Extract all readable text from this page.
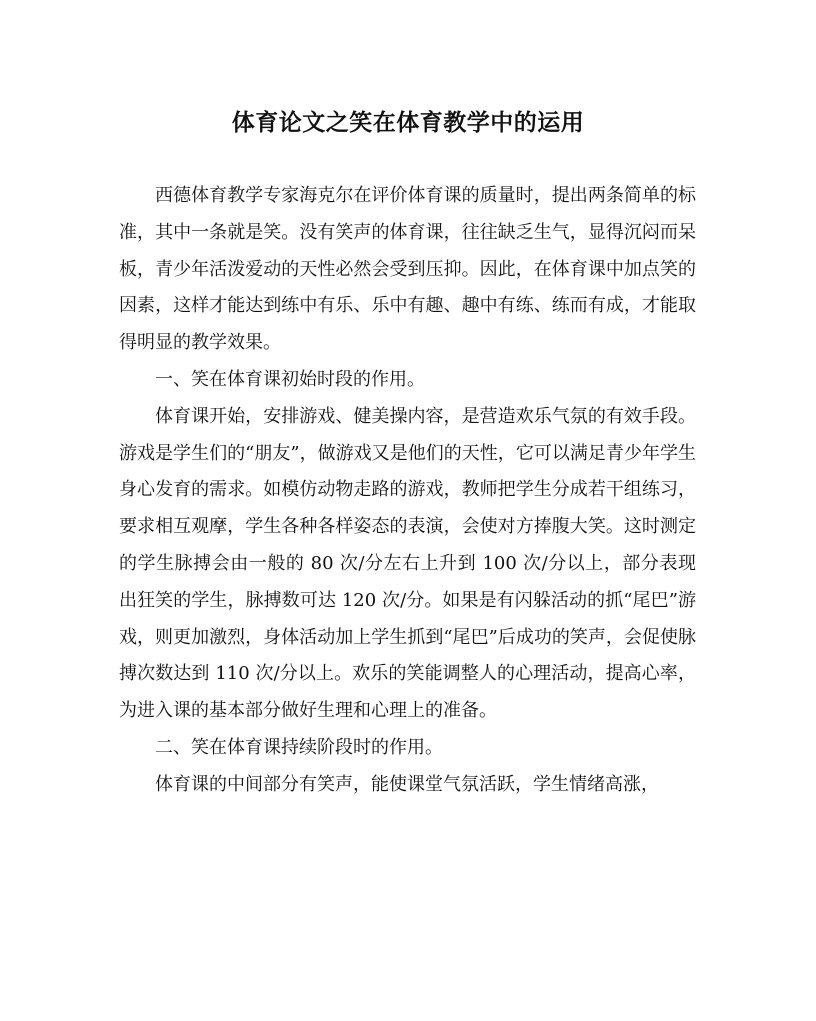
体育论文之笑在体育教学中的运用

西德体育教学专家海克尔在评价体育课的质量时，提出两条简单的标准，其中一条就是笑。没有笑声的体育课，往往缺乏生气，显得沉闷而呆板，青少年活泼爱动的天性必然会受到压抑。因此，在体育课中加点笑的因素，这样才能达到练中有乐、乐中有趣、趣中有练、练而有成，才能取得明显的教学效果。

一、笑在体育课初始时段的作用。

体育课开始，安排游戏、健美操内容，是营造欢乐气氛的有效手段。游戏是学生们的“朋友”，做游戏又是他们的天性，它可以满足青少年学生身心发育的需求。如模仿动物走路的游戏，教师把学生分成若干组练习，要求相互观摩，学生各种各样姿态的表演，会使对方捧腹大笑。这时测定的学生脉搏会由一般的 80 次/分左右上升到 100 次/分以上，部分表现出狂笑的学生，脉搏数可达 120 次/分。如果是有闪躲活动的抓“尾巴”游戏，则更加激烈，身体活动加上学生抓到“尾巴”后成功的笑声，会促使脉搏次数达到 110 次/分以上。欢乐的笑能调整人的心理活动，提高心率，为进入课的基本部分做好生理和心理上的准备。

二、笑在体育课持续阶段时的作用。

体育课的中间部分有笑声，能使课堂气氛活跃，学生情绪高涨，
